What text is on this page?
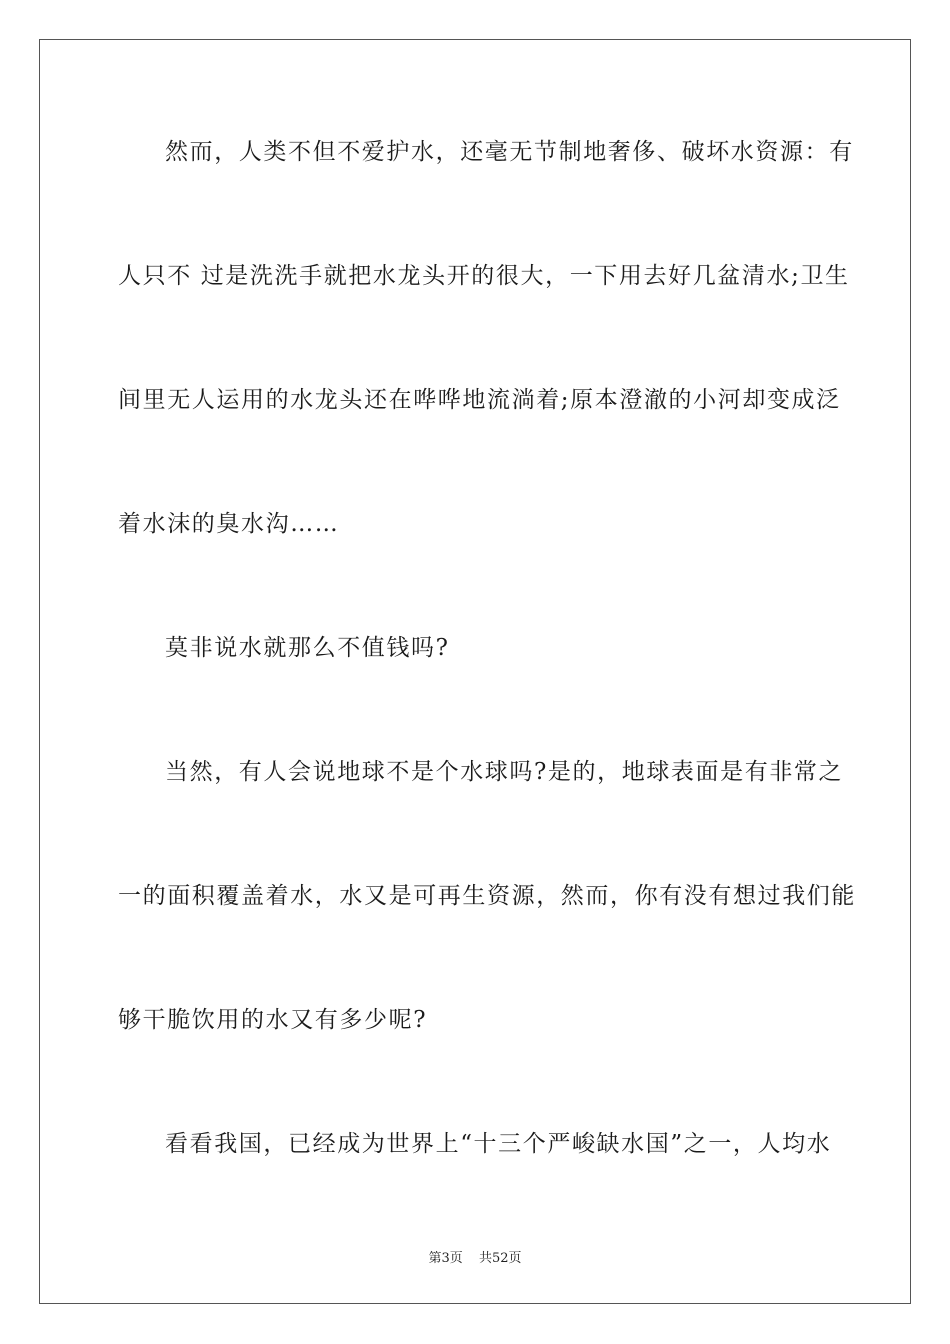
然而，人类不但不爱护水，还毫无节制地奢侈、破坏水资源：有
人只不 过是洗洗手就把水龙头开的很大，一下用去好几盆清水;卫生
间里无人运用的水龙头还在哗哗地流淌着;原本澄澈的小河却变成泛
着水沫的臭水沟……
莫非说水就那么不值钱吗?
当然，有人会说地球不是个水球吗?是的，地球表面是有非常之
一的面积覆盖着水，水又是可再生资源，然而，你有没有想过我们能
够干脆饮用的水又有多少呢?
看看我国，已经成为世界上“十三个严峻缺水国”之一，人均水
第3页 共52页
